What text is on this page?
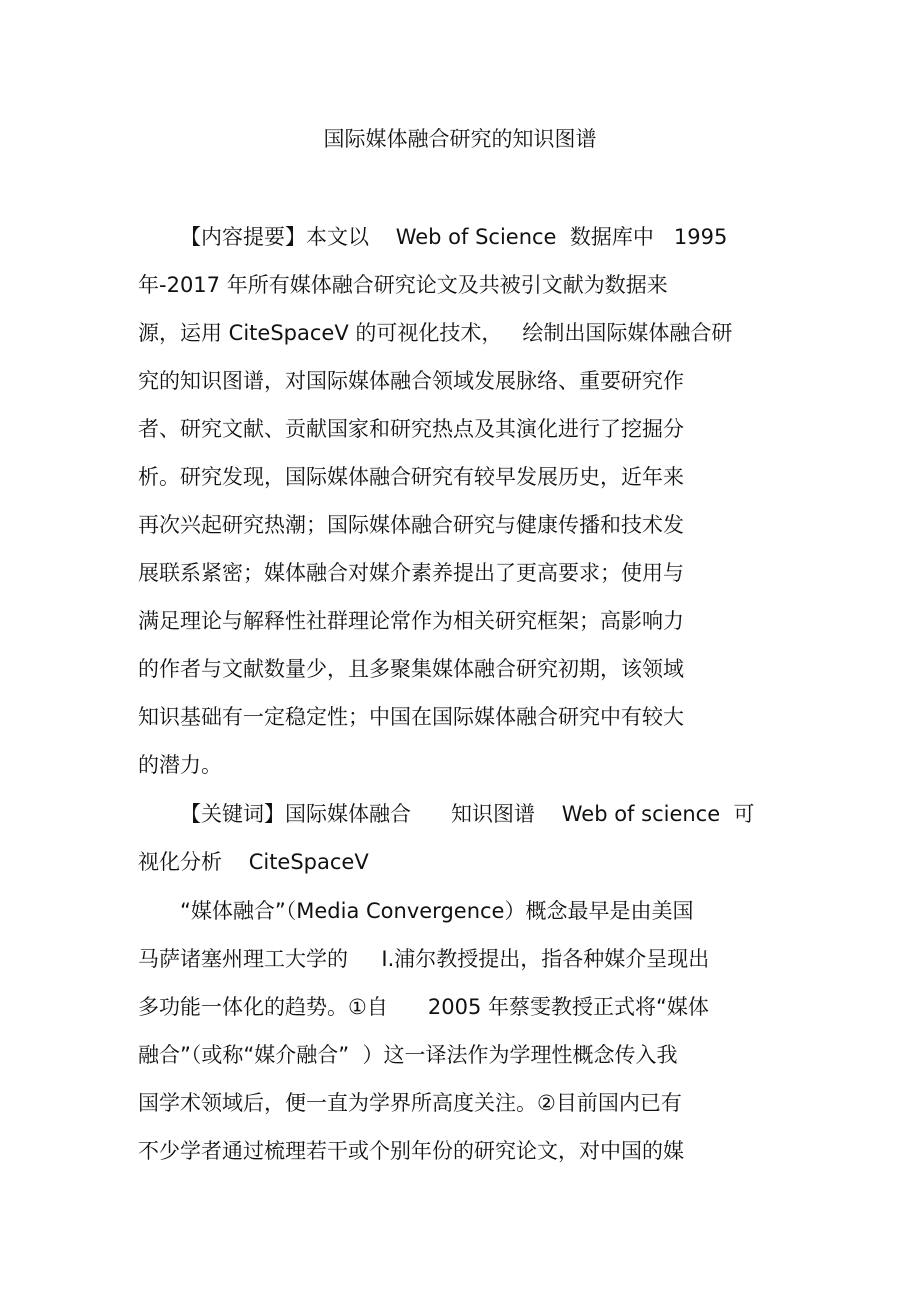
国际媒体融合研究的知识图谱
【内容提要】本文以    Web of Science  数据库中   1995
年-2017 年所有媒体融合研究论文及共被引文献为数据来
源，运用 CiteSpaceV 的可视化技术，   绘制出国际媒体融合研
究的知识图谱，对国际媒体融合领域发展脉络、重要研究作
者、研究文献、贡献国家和研究热点及其演化进行了挖掘分
析。研究发现，国际媒体融合研究有较早发展历史，近年来
再次兴起研究热潮；国际媒体融合研究与健康传播和技术发
展联系紧密；媒体融合对媒介素养提出了更高要求；使用与
满足理论与解释性社群理论常作为相关研究框架；高影响力
的作者与文献数量少，且多聚集媒体融合研究初期，该领域
知识基础有一定稳定性；中国在国际媒体融合研究中有较大
的潜力。
【关键词】国际媒体融合      知识图谱    Web of science  可
视化分析    CiteSpaceV
“媒体融合”（Media Convergence）概念最早是由美国
马萨诸塞州理工大学的     I.浦尔教授提出，指各种媒介呈现出
多功能一体化的趋势。①自      2005 年蔡雯教授正式将“媒体
融合”（或称“媒介融合”  ）这一译法作为学理性概念传入我
国学术领域后，便一直为学界所高度关注。②目前国内已有
不少学者通过梳理若干或个别年份的研究论文，对中国的媒
